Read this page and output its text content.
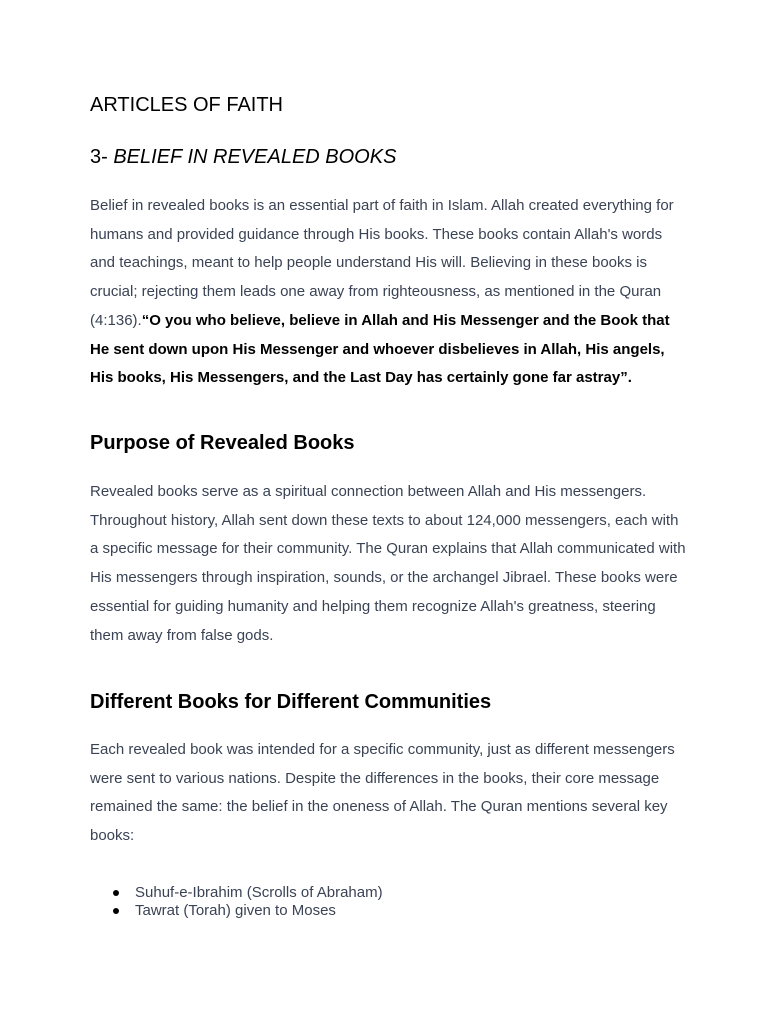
ARTICLES OF FAITH
3- BELIEF IN REVEALED BOOKS

Belief in revealed books is an essential part of faith in Islam. Allah created everything for humans and provided guidance through His books. These books contain Allah's words and teachings, meant to help people understand His will. Believing in these books is crucial; rejecting them leads one away from righteousness, as mentioned in the Quran (4:136).“O you who believe, believe in Allah and His Messenger and the Book that He sent down upon His Messenger and whoever disbelieves in Allah, His angels, His books, His Messengers, and the Last Day has certainly gone far astray”.

Purpose of Revealed Books

Revealed books serve as a spiritual connection between Allah and His messengers. Throughout history, Allah sent down these texts to about 124,000 messengers, each with a specific message for their community. The Quran explains that Allah communicated with His messengers through inspiration, sounds, or the archangel Jibrael. These books were essential for guiding humanity and helping them recognize Allah's greatness, steering them away from false gods.

Different Books for Different Communities

Each revealed book was intended for a specific community, just as different messengers were sent to various nations. Despite the differences in the books, their core message remained the same: the belief in the oneness of Allah. The Quran mentions several key books:

Suhuf-e-Ibrahim (Scrolls of Abraham)
Tawrat (Torah) given to Moses
